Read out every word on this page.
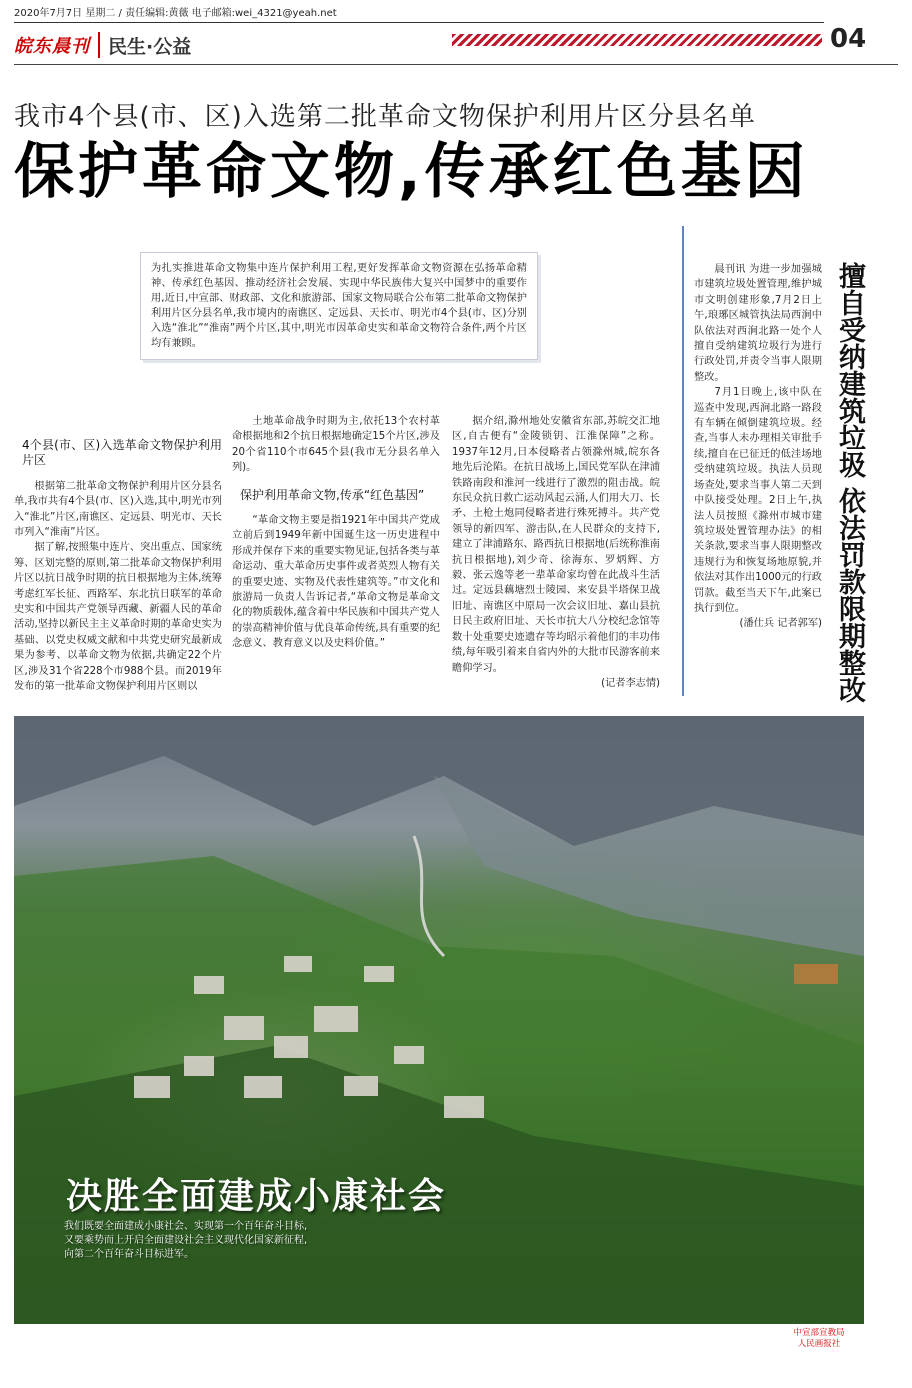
2020年7月7日 星期二 / 责任编辑:黄薇 电子邮箱:wei_4321@yeah.net
皖东晨刊 民生·公益	04
我市4个县(市、区)入选第二批革命文物保护利用片区分县名单
保护革命文物,传承红色基因
为扎实推进革命文物集中连片保护利用工程,更好发挥革命文物资源在弘扬革命精神、传承红色基因、推动经济社会发展、实现中华民族伟大复兴中国梦中的重要作用,近日,中宣部、财政部、文化和旅游部、国家文物局联合公布第二批革命文物保护利用片区分县名单,我市境内的南谯区、定远县、天长市、明光市4个县(市、区)分别入选“淮北”“淮南”两个片区,其中,明光市因革命史实和革命文物符合条件,两个片区均有兼顾。

4个县(市、区)入选革命文物保护利用片区

根据第二批革命文物保护利用片区分县名单,我市共有4个县(市、区)入选,其中,明光市列入“淮北”片区,南谯区、定远县、明光市、天长市列入“淮南”片区。

据了解,按照集中连片、突出重点、国家统筹、区划完整的原则,第二批革命文物保护利用片区以抗日战争时期的抗日根据地为主体,统筹考虑红军长征、西路军、东北抗日联军的革命史实和中国共产党领导西藏、新疆人民的革命活动,坚持以新民主主义革命时期的革命史实为基础、以党史权威文献和中共党史研究最新成果为参考、以革命文物为依据,共确定22个片区,涉及31个省228个市988个县。而2019年发布的第一批革命文物保护利用片区则以

土地革命战争时期为主,依托13个农村革命根据地和2个抗日根据地确定15个片区,涉及20个省110个市645个县(我市无分县名单入列)。

保护利用革命文物,传承“红色基因”

“革命文物主要是指1921年中国共产党成立前后到1949年新中国诞生这一历史进程中形成并保存下来的重要实物见证,包括各类与革命运动、重大革命历史事件或者英烈人物有关的重要史迹、实物及代表性建筑等。”市文化和旅游局一负责人告诉记者,“革命文物是革命文化的物质载体,蕴含着中华民族和中国共产党人的崇高精神价值与优良革命传统,具有重要的纪念意义、教育意义以及史料价值。”

据介绍,滁州地处安徽省东部,苏皖交汇地区,自古便有“金陵锁钥、江淮保障”之称。1937年12月,日本侵略者占领滁州城,皖东各地先后沦陷。在抗日战场上,国民党军队在津浦铁路南段和淮河一线进行了激烈的阻击战。皖东民众抗日救亡运动风起云涌,人们用大刀、长矛、土枪土炮同侵略者进行殊死搏斗。共产党领导的新四军、游击队,在人民群众的支持下,建立了津浦路东、路西抗日根据地(后统称淮南抗日根据地),刘少奇、徐海东、罗炳辉、方毅、张云逸等老一辈革命家均曾在此战斗生活过。定远县藕塘烈士陵园、来安县半塔保卫战旧址、南谯区中原局一次会议旧址、嘉山县抗日民主政府旧址、天长市抗大八分校纪念馆等数十处重要史迹遗存等均昭示着他们的丰功伟绩,每年吸引着来自省内外的大批市民游客前来瞻仰学习。

(记者李志情)

晨刊讯 为进一步加强城市建筑垃圾处置管理,维护城市文明创建形象,7月2日上午,琅琊区城管执法局西涧中队依法对西涧北路一处个人擅自受纳建筑垃圾行为进行行政处罚,并责令当事人限期整改。

7月1日晚上,该中队在巡查中发现,西涧北路一路段有车辆在倾倒建筑垃圾。经查,当事人未办理相关审批手续,擅自在已征迁的低洼场地受纳建筑垃圾。执法人员现场查处,要求当事人第二天到中队接受处理。2日上午,执法人员按照《滁州市城市建筑垃圾处置管理办法》的相关条款,要求当事人限期整改违规行为和恢复场地原貌,并依法对其作出1000元的行政罚款。截至当天下午,此案已执行到位。

(潘仕兵 记者郭军) 擅自受纳建筑垃圾 依法罚款限期整改
决胜全面建成小康社会
我们既要全面建成小康社会、实现第一个百年奋斗目标,
又要乘势而上开启全面建设社会主义现代化国家新征程,
向第二个百年奋斗目标进军。
中宣部宣教局
人民画报社
